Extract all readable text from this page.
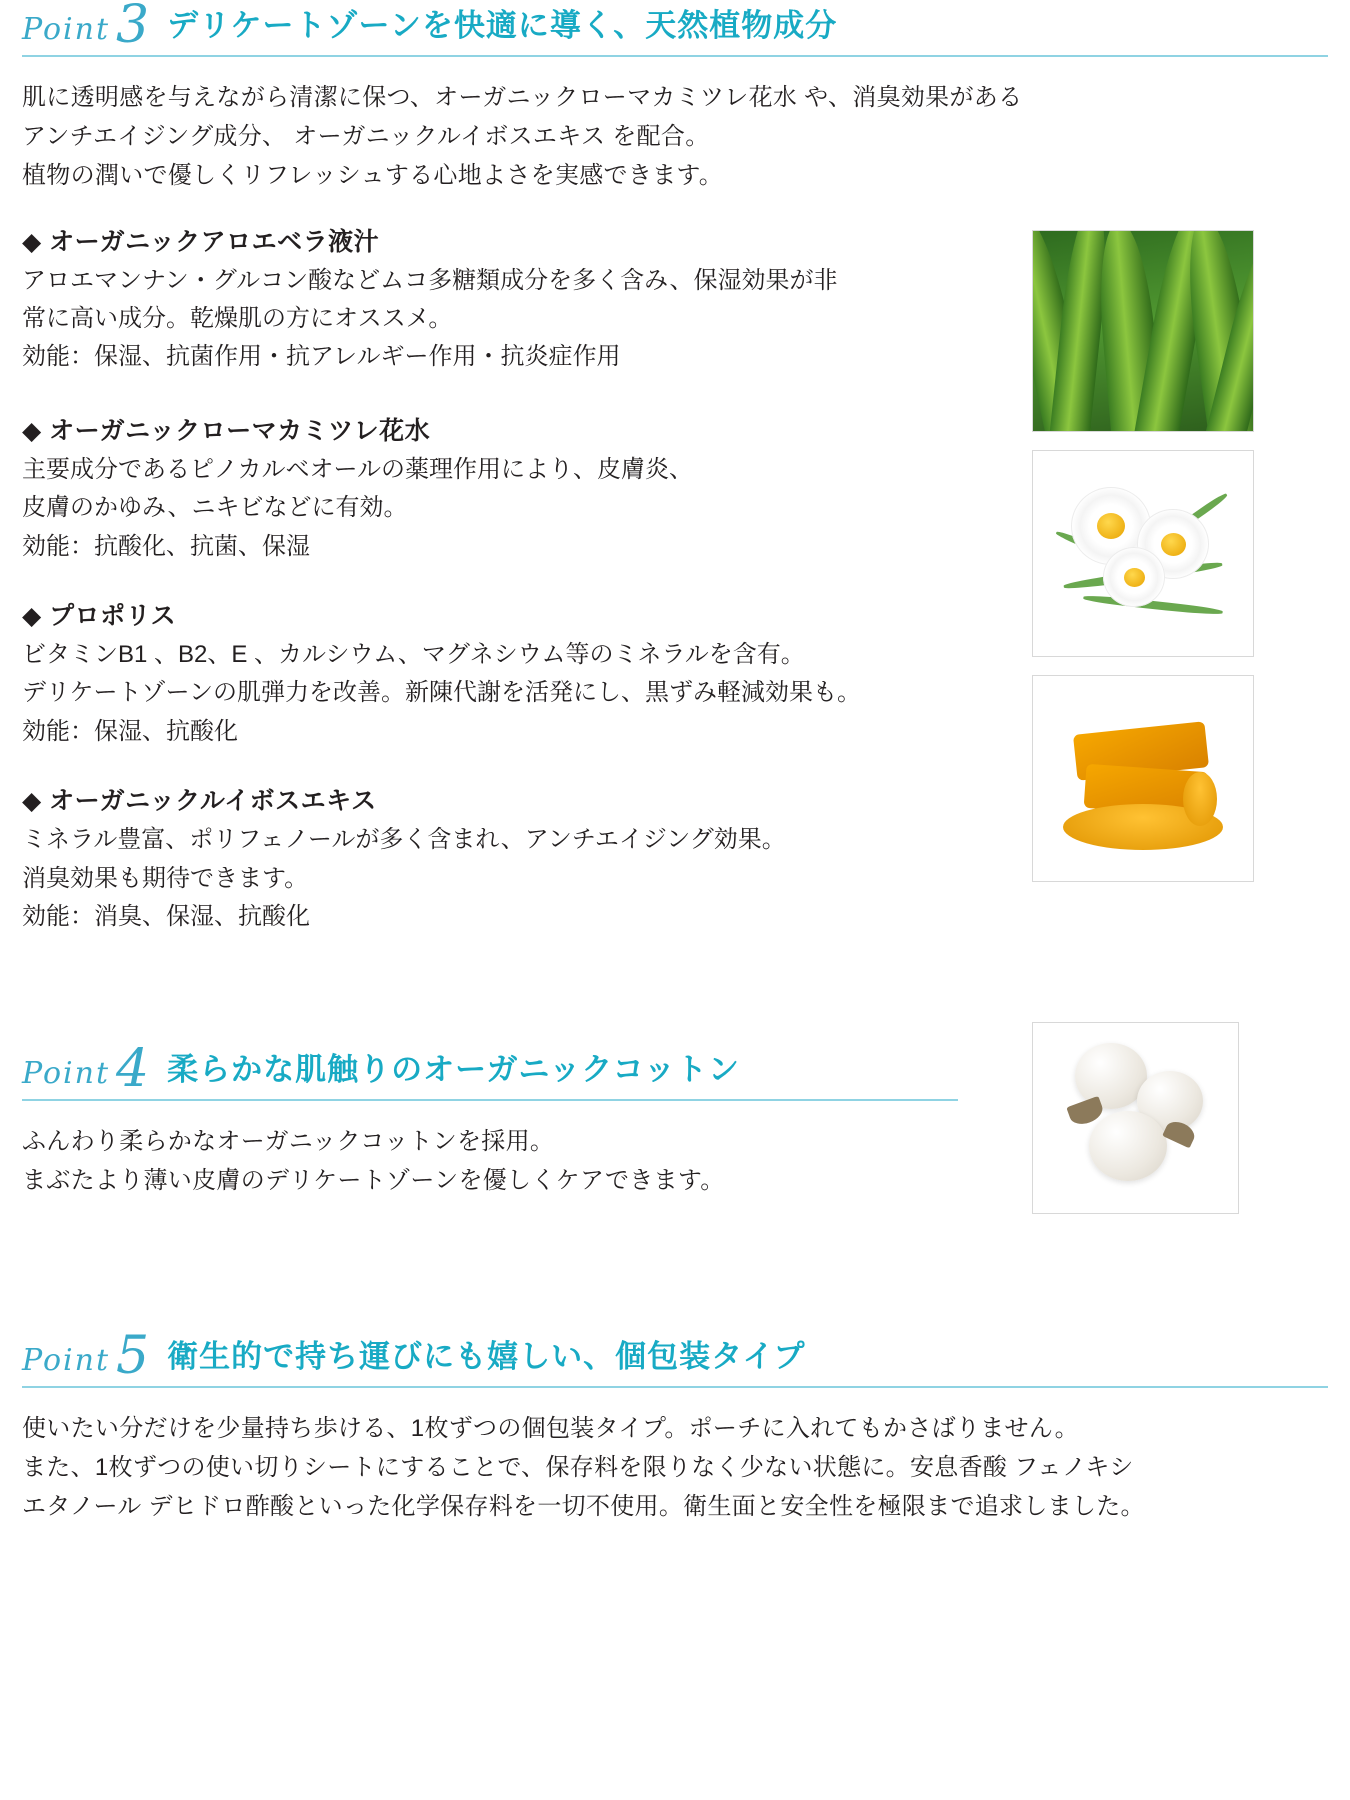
Point 3 デリケートゾーンを快適に導く、天然植物成分
肌に透明感を与えながら清潔に保つ、オーガニックローマカミツレ花水 や、消臭効果がある
アンチエイジング成分、 オーガニックルイボスエキス を配合。
植物の潤いで優しくリフレッシュする心地よさを実感できます。
◆ オーガニックアロエベラ液汁
アロエマンナン・グルコン酸などムコ多糖類成分を多く含み、保湿効果が非
常に高い成分。乾燥肌の方にオススメ。
効能：保湿、抗菌作用・抗アレルギー作用・抗炎症作用
◆ オーガニックローマカミツレ花水
主要成分であるピノカルベオールの薬理作用により、皮膚炎、
皮膚のかゆみ、ニキビなどに有効。
効能：抗酸化、抗菌、保湿
◆ プロポリス
ビタミンB1 、B2、E 、カルシウム、マグネシウム等のミネラルを含有。
デリケートゾーンの肌弾力を改善。新陳代謝を活発にし、黒ずみ軽減効果も。
効能：保湿、抗酸化
◆ オーガニックルイボスエキス
ミネラル豊富、ポリフェノールが多く含まれ、アンチエイジング効果。
消臭効果も期待できます。
効能：消臭、保湿、抗酸化
Point 4 柔らかな肌触りのオーガニックコットン
ふんわり柔らかなオーガニックコットンを採用。
まぶたより薄い皮膚のデリケートゾーンを優しくケアできます。
Point 5 衛生的で持ち運びにも嬉しい、個包装タイプ
使いたい分だけを少量持ち歩ける、1枚ずつの個包装タイプ。ポーチに入れてもかさばりません。
また、1枚ずつの使い切りシートにすることで、保存料を限りなく少ない状態に。安息香酸 フェノキシ
エタノール デヒドロ酢酸といった化学保存料を一切不使用。衛生面と安全性を極限まで追求しました。
